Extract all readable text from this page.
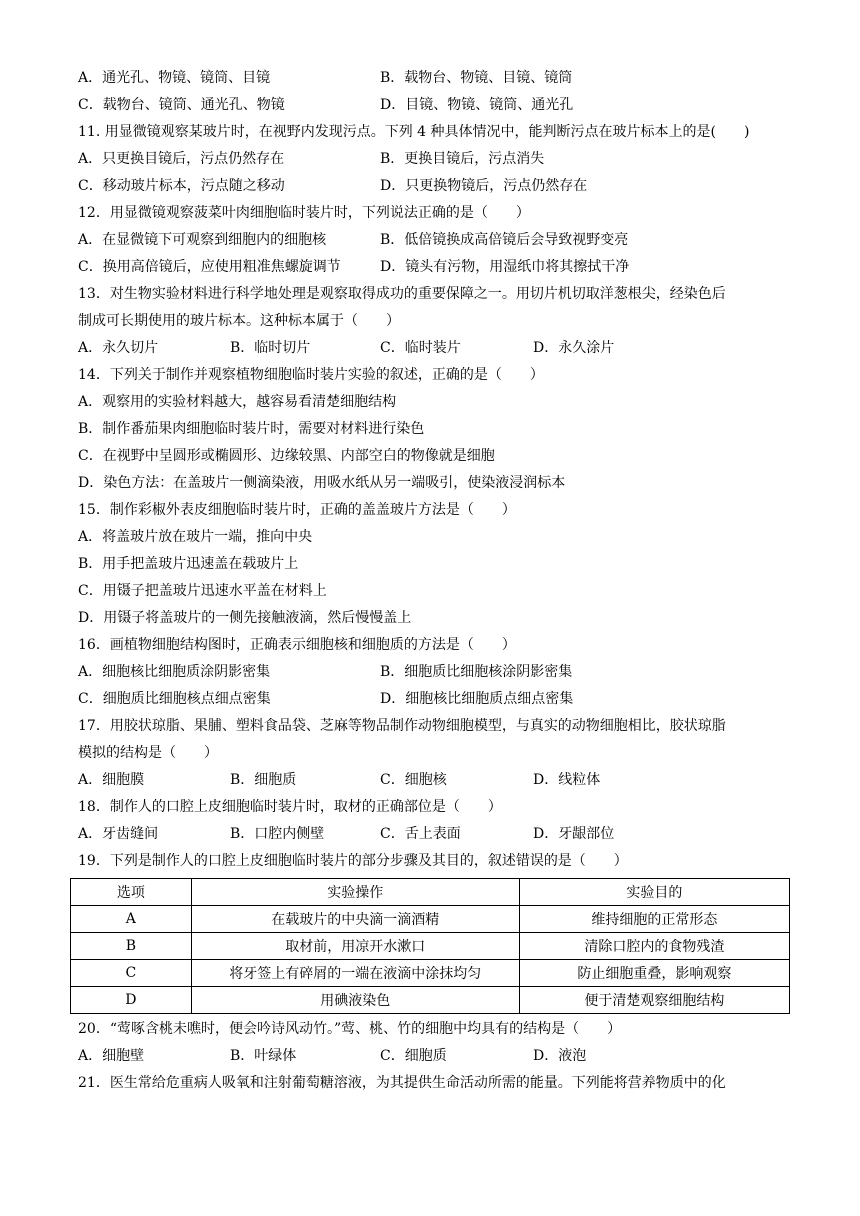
A．通光孔、物镜、镜筒、目镜	B．载物台、物镜、目镜、镜筒
C．载物台、镜筒、通光孔、物镜	D．目镜、物镜、镜筒、通光孔
11. 用显微镜观察某玻片时，在视野内发现污点。下列 4 种具体情况中，能判断污点在玻片标本上的是(　　)
A．只更换目镜后，污点仍然存在	B．更换目镜后，污点消失
C．移动玻片标本，污点随之移动	D．只更换物镜后，污点仍然存在
12．用显微镜观察菠菜叶肉细胞临时装片时，下列说法正确的是（　　）
A．在显微镜下可观察到细胞内的细胞核	B．低倍镜换成高倍镜后会导致视野变亮
C．换用高倍镜后，应使用粗准焦螺旋调节	D．镜头有污物，用湿纸巾将其擦拭干净
13．对生物实验材料进行科学地处理是观察取得成功的重要保障之一。用切片机切取洋葱根尖，经染色后
制成可长期使用的玻片标本。这种标本属于（　　）
A．永久切片	B．临时切片	C．临时装片	D．永久涂片
14．下列关于制作并观察植物细胞临时装片实验的叙述，正确的是（　　）
A．观察用的实验材料越大，越容易看清楚细胞结构
B．制作番茄果肉细胞临时装片时，需要对材料进行染色
C．在视野中呈圆形或椭圆形、边缘较黑、内部空白的物像就是细胞
D．染色方法：在盖玻片一侧滴染液，用吸水纸从另一端吸引，使染液浸润标本
15．制作彩椒外表皮细胞临时装片时，正确的盖盖玻片方法是（　　）
A．将盖玻片放在玻片一端，推向中央
B．用手把盖玻片迅速盖在载玻片上
C．用镊子把盖玻片迅速水平盖在材料上
D．用镊子将盖玻片的一侧先接触液滴，然后慢慢盖上
16．画植物细胞结构图时，正确表示细胞核和细胞质的方法是（　　）
A．细胞核比细胞质涂阴影密集	B．细胞质比细胞核涂阴影密集
C．细胞质比细胞核点细点密集	D．细胞核比细胞质点细点密集
17．用胶状琼脂、果脯、塑料食品袋、芝麻等物品制作动物细胞模型，与真实的动物细胞相比，胶状琼脂
模拟的结构是（　　）
A．细胞膜	B．细胞质	C．细胞核	D．线粒体
18．制作人的口腔上皮细胞临时装片时，取材的正确部位是（　　）
A．牙齿缝间	B．口腔内侧壁	C．舌上表面	D．牙龈部位
19．下列是制作人的口腔上皮细胞临时装片的部分步骤及其目的，叙述错误的是（　　）
选项	实验操作	实验目的
A	在载玻片的中央滴一滴酒精	维持细胞的正常形态
B	取材前，用凉开水漱口	清除口腔内的食物残渣
C	将牙签上有碎屑的一端在液滴中涂抹均匀	防止细胞重叠，影响观察
D	用碘液染色	便于清楚观察细胞结构
20．“莺啄含桃未噍时，便会吟诗风动竹。”莺、桃、竹的细胞中均具有的结构是（　　）
A．细胞壁	B．叶绿体	C．细胞质	D．液泡
21．医生常给危重病人吸氧和注射葡萄糖溶液，为其提供生命活动所需的能量。下列能将营养物质中的化
